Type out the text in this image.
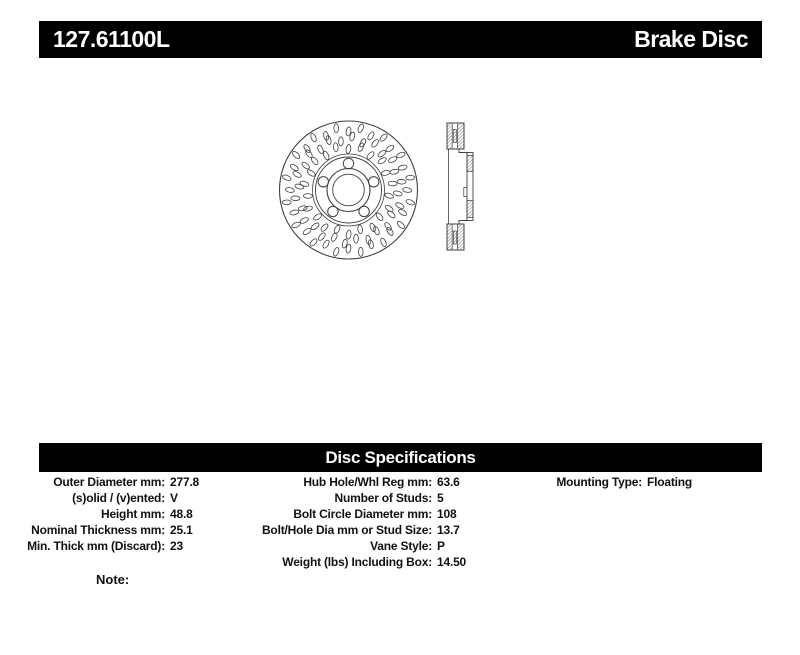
127.61100L	Brake Disc
Disc Specifications
Outer Diameter mm: 277.8
(s)olid / (v)ented: V
Height mm: 48.8
Nominal Thickness mm: 25.1
Min. Thick mm (Discard): 23
Hub Hole/Whl Reg mm: 63.6
Number of Studs: 5
Bolt Circle Diameter mm: 108
Bolt/Hole Dia mm or Stud Size: 13.7
Vane Style: P
Weight (lbs) Including Box: 14.50
Mounting Type: Floating
Note:
